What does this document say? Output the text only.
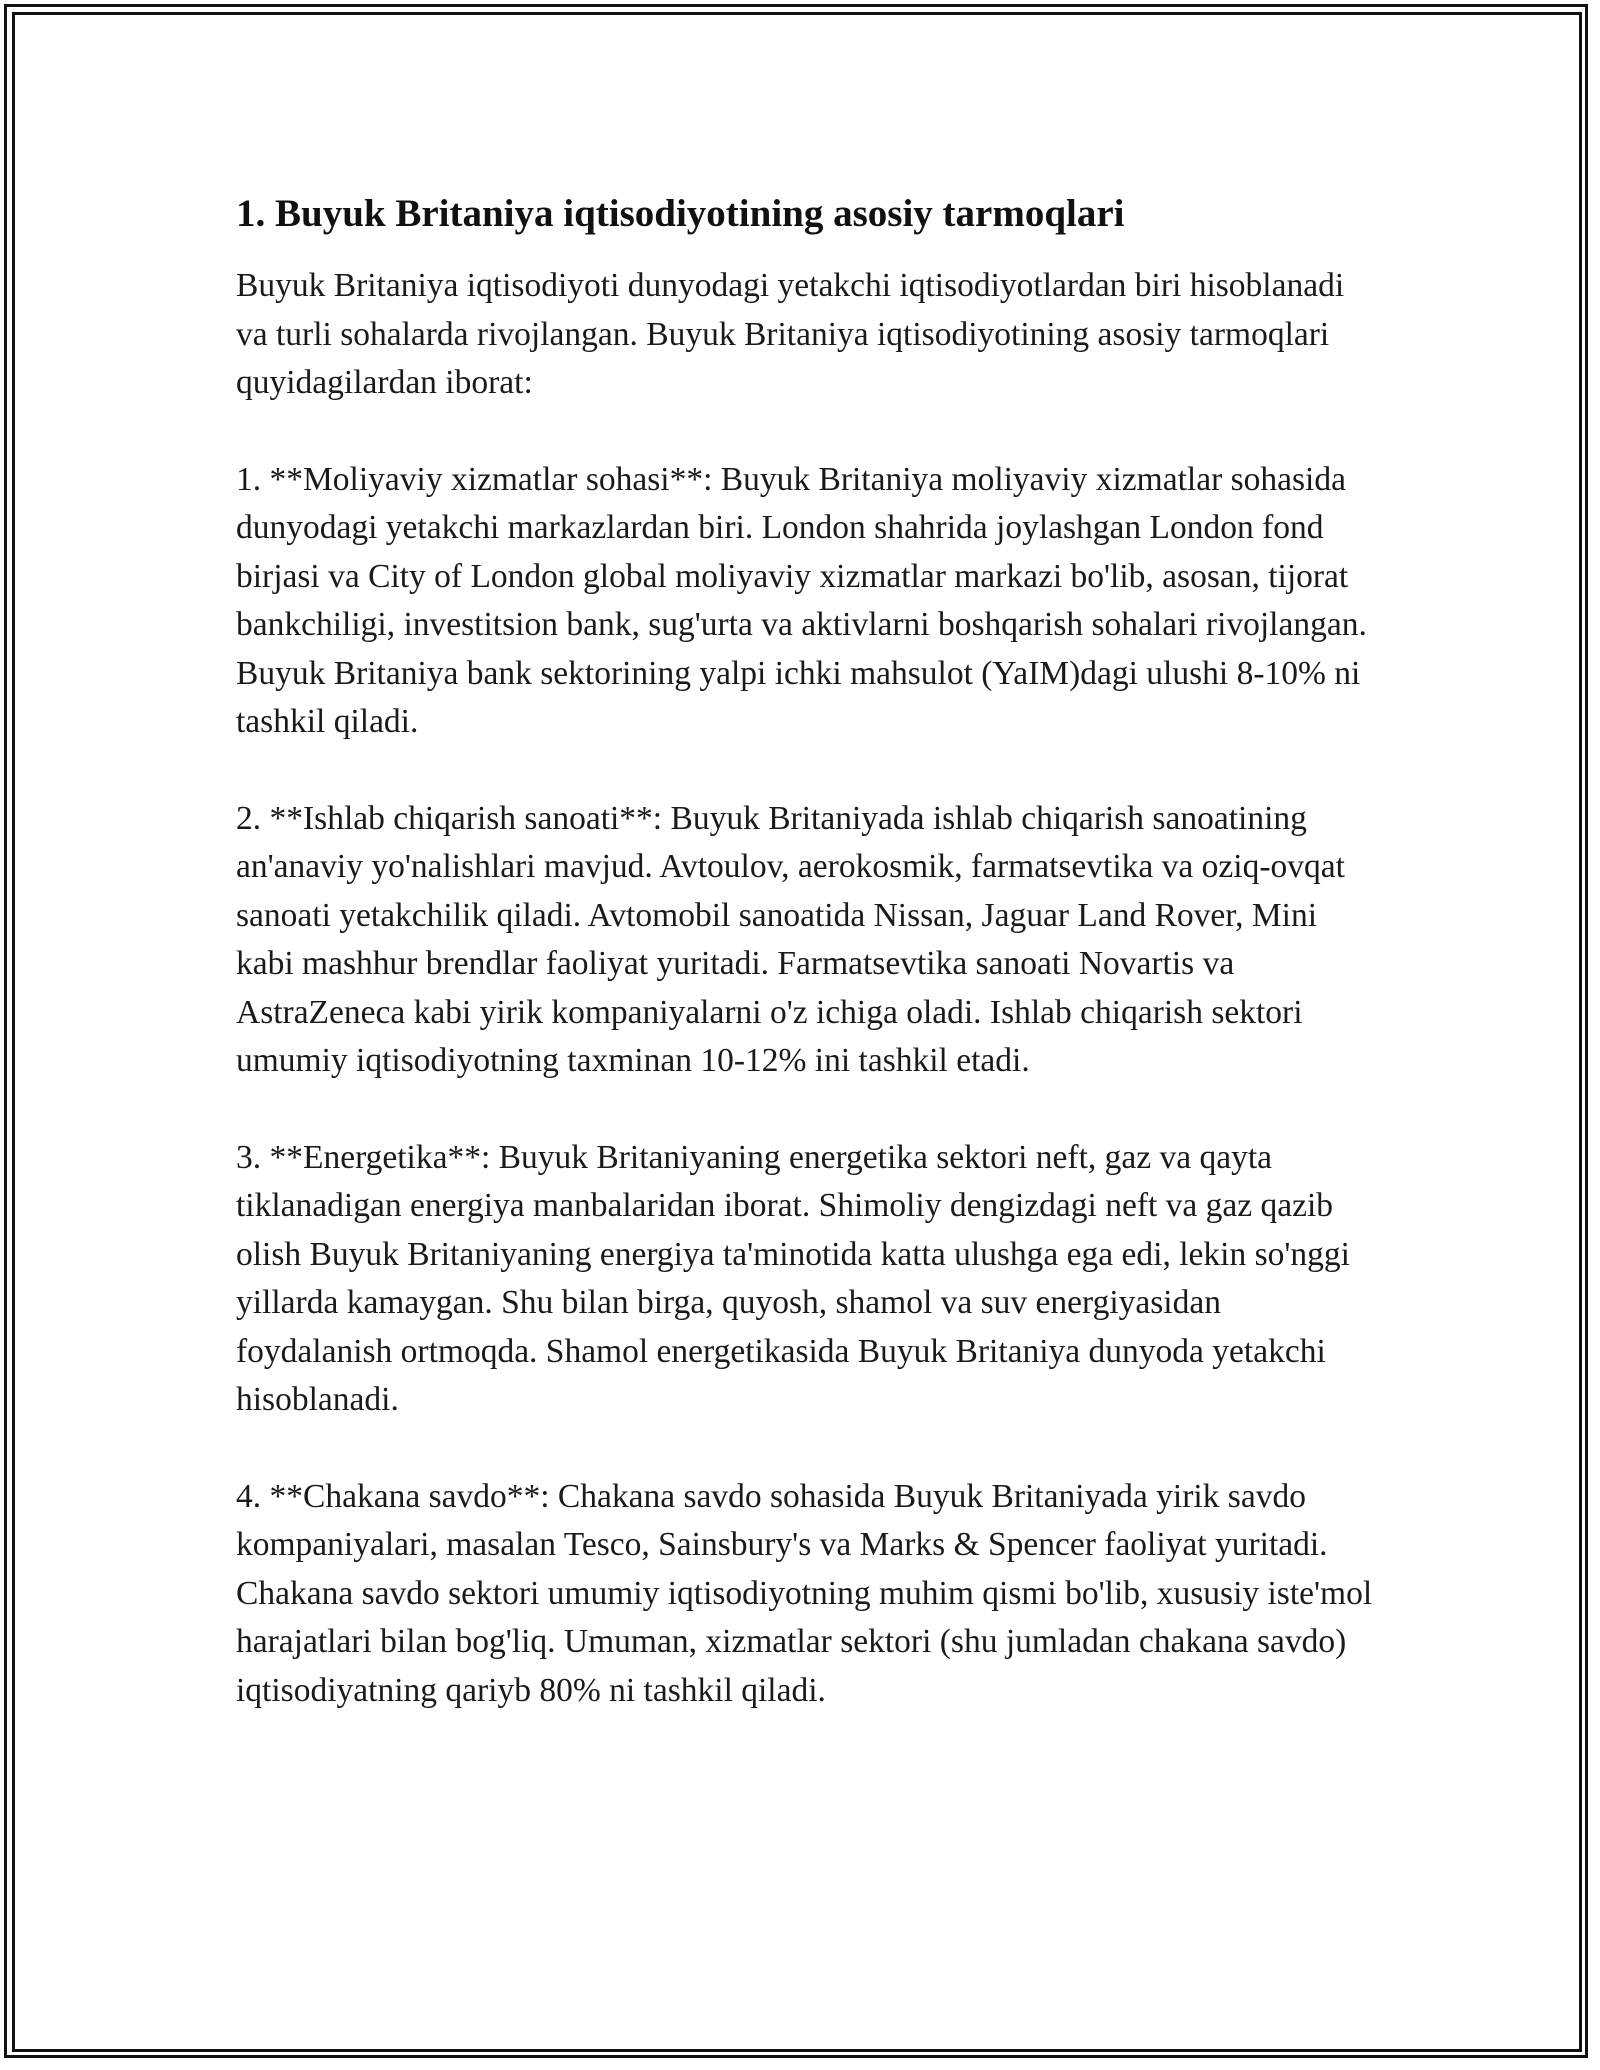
1. Buyuk Britaniya iqtisodiyotining asosiy tarmoqlari

Buyuk Britaniya iqtisodiyoti dunyodagi yetakchi iqtisodiyotlardan biri hisoblanadi va turli sohalarda rivojlangan. Buyuk Britaniya iqtisodiyotining asosiy tarmoqlari quyidagilardan iborat:

1. **Moliyaviy xizmatlar sohasi**: Buyuk Britaniya moliyaviy xizmatlar sohasida dunyodagi yetakchi markazlardan biri. London shahrida joylashgan London fond birjasi va City of London global moliyaviy xizmatlar markazi bo'lib, asosan, tijorat bankchiligi, investitsion bank, sug'urta va aktivlarni boshqarish sohalari rivojlangan. Buyuk Britaniya bank sektorining yalpi ichki mahsulot (YaIM)dagi ulushi 8-10% ni tashkil qiladi.

2. **Ishlab chiqarish sanoati**: Buyuk Britaniyada ishlab chiqarish sanoatining an'anaviy yo'nalishlari mavjud. Avtoulov, aerokosmik, farmatsevtika va oziq-ovqat sanoati yetakchilik qiladi. Avtomobil sanoatida Nissan, Jaguar Land Rover, Mini kabi mashhur brendlar faoliyat yuritadi. Farmatsevtika sanoati Novartis va AstraZeneca kabi yirik kompaniyalarni o'z ichiga oladi. Ishlab chiqarish sektori umumiy iqtisodiyotning taxminan 10-12% ini tashkil etadi.

3. **Energetika**: Buyuk Britaniyaning energetika sektori neft, gaz va qayta tiklanadigan energiya manbalaridan iborat. Shimoliy dengizdagi neft va gaz qazib olish Buyuk Britaniyaning energiya ta'minotida katta ulushga ega edi, lekin so'nggi yillarda kamaygan. Shu bilan birga, quyosh, shamol va suv energiyasidan foydalanish ortmoqda. Shamol energetikasida Buyuk Britaniya dunyoda yetakchi hisoblanadi.

4. **Chakana savdo**: Chakana savdo sohasida Buyuk Britaniyada yirik savdo kompaniyalari, masalan Tesco, Sainsbury's va Marks & Spencer faoliyat yuritadi. Chakana savdo sektori umumiy iqtisodiyotning muhim qismi bo'lib, xususiy iste'mol harajatlari bilan bog'liq. Umuman, xizmatlar sektori (shu jumladan chakana savdo) iqtisodiyatning qariyb 80% ni tashkil qiladi.
